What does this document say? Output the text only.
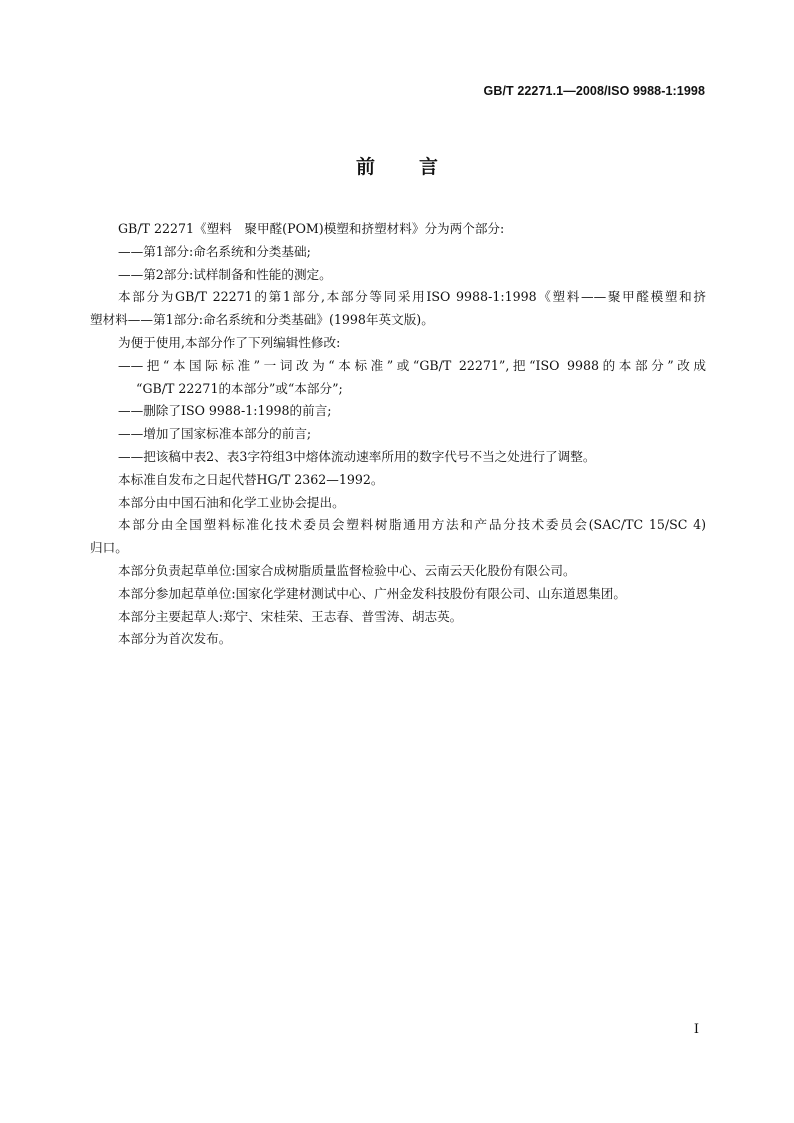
GB/T 22271.1—2008/ISO 9988-1:1998
前言

GB/T 22271《塑料　聚甲醛(POM)模塑和挤塑材料》分为两个部分:

——第1部分:命名系统和分类基础;

——第2部分:试样制备和性能的测定。

本部分为GB/T 22271的第1部分,本部分等同采用ISO 9988-1:1998《塑料——聚甲醛模塑和挤

塑材料——第1部分:命名系统和分类基础》(1998年英文版)。

为便于使用,本部分作了下列编辑性修改:

——把“本国际标准”一词改为“本标准”或“GB/T 22271”,把“ISO 9988的本部分”改成

“GB/T 22271的本部分”或“本部分”;

——删除了ISO 9988-1:1998的前言;

——增加了国家标准本部分的前言;

——把该稿中表2、表3字符组3中熔体流动速率所用的数字代号不当之处进行了调整。

本标准自发布之日起代替HG/T 2362—1992。

本部分由中国石油和化学工业协会提出。

本部分由全国塑料标准化技术委员会塑料树脂通用方法和产品分技术委员会(SAC/TC 15/SC 4)

归口。

本部分负责起草单位:国家合成树脂质量监督检验中心、云南云天化股份有限公司。

本部分参加起草单位:国家化学建材测试中心、广州金发科技股份有限公司、山东道恩集团。

本部分主要起草人:郑宁、宋桂荣、王志春、普雪涛、胡志英。

本部分为首次发布。

I
